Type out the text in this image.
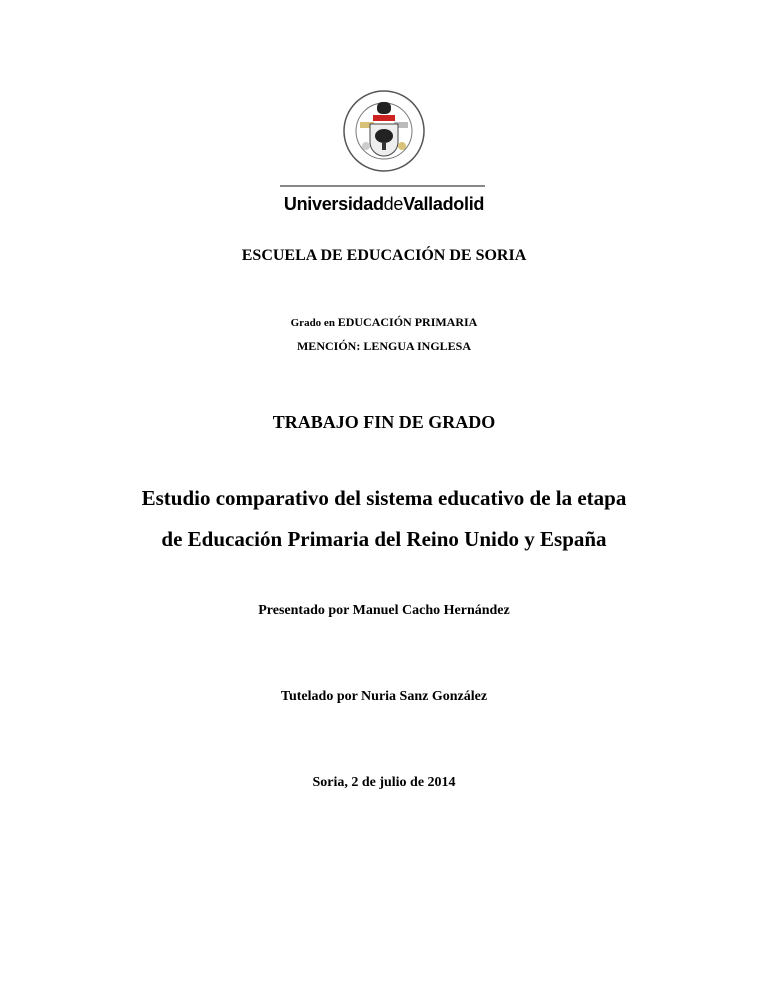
UniversidaddeValladolid
ESCUELA DE EDUCACIÓN DE SORIA
Grado en EDUCACIÓN PRIMARIA
MENCIÓN: LENGUA INGLESA
TRABAJO FIN DE GRADO
Estudio comparativo del sistema educativo de la etapa
de Educación Primaria del Reino Unido y España
Presentado por Manuel Cacho Hernández
Tutelado por Nuria Sanz González
Soria, 2 de julio de 2014
